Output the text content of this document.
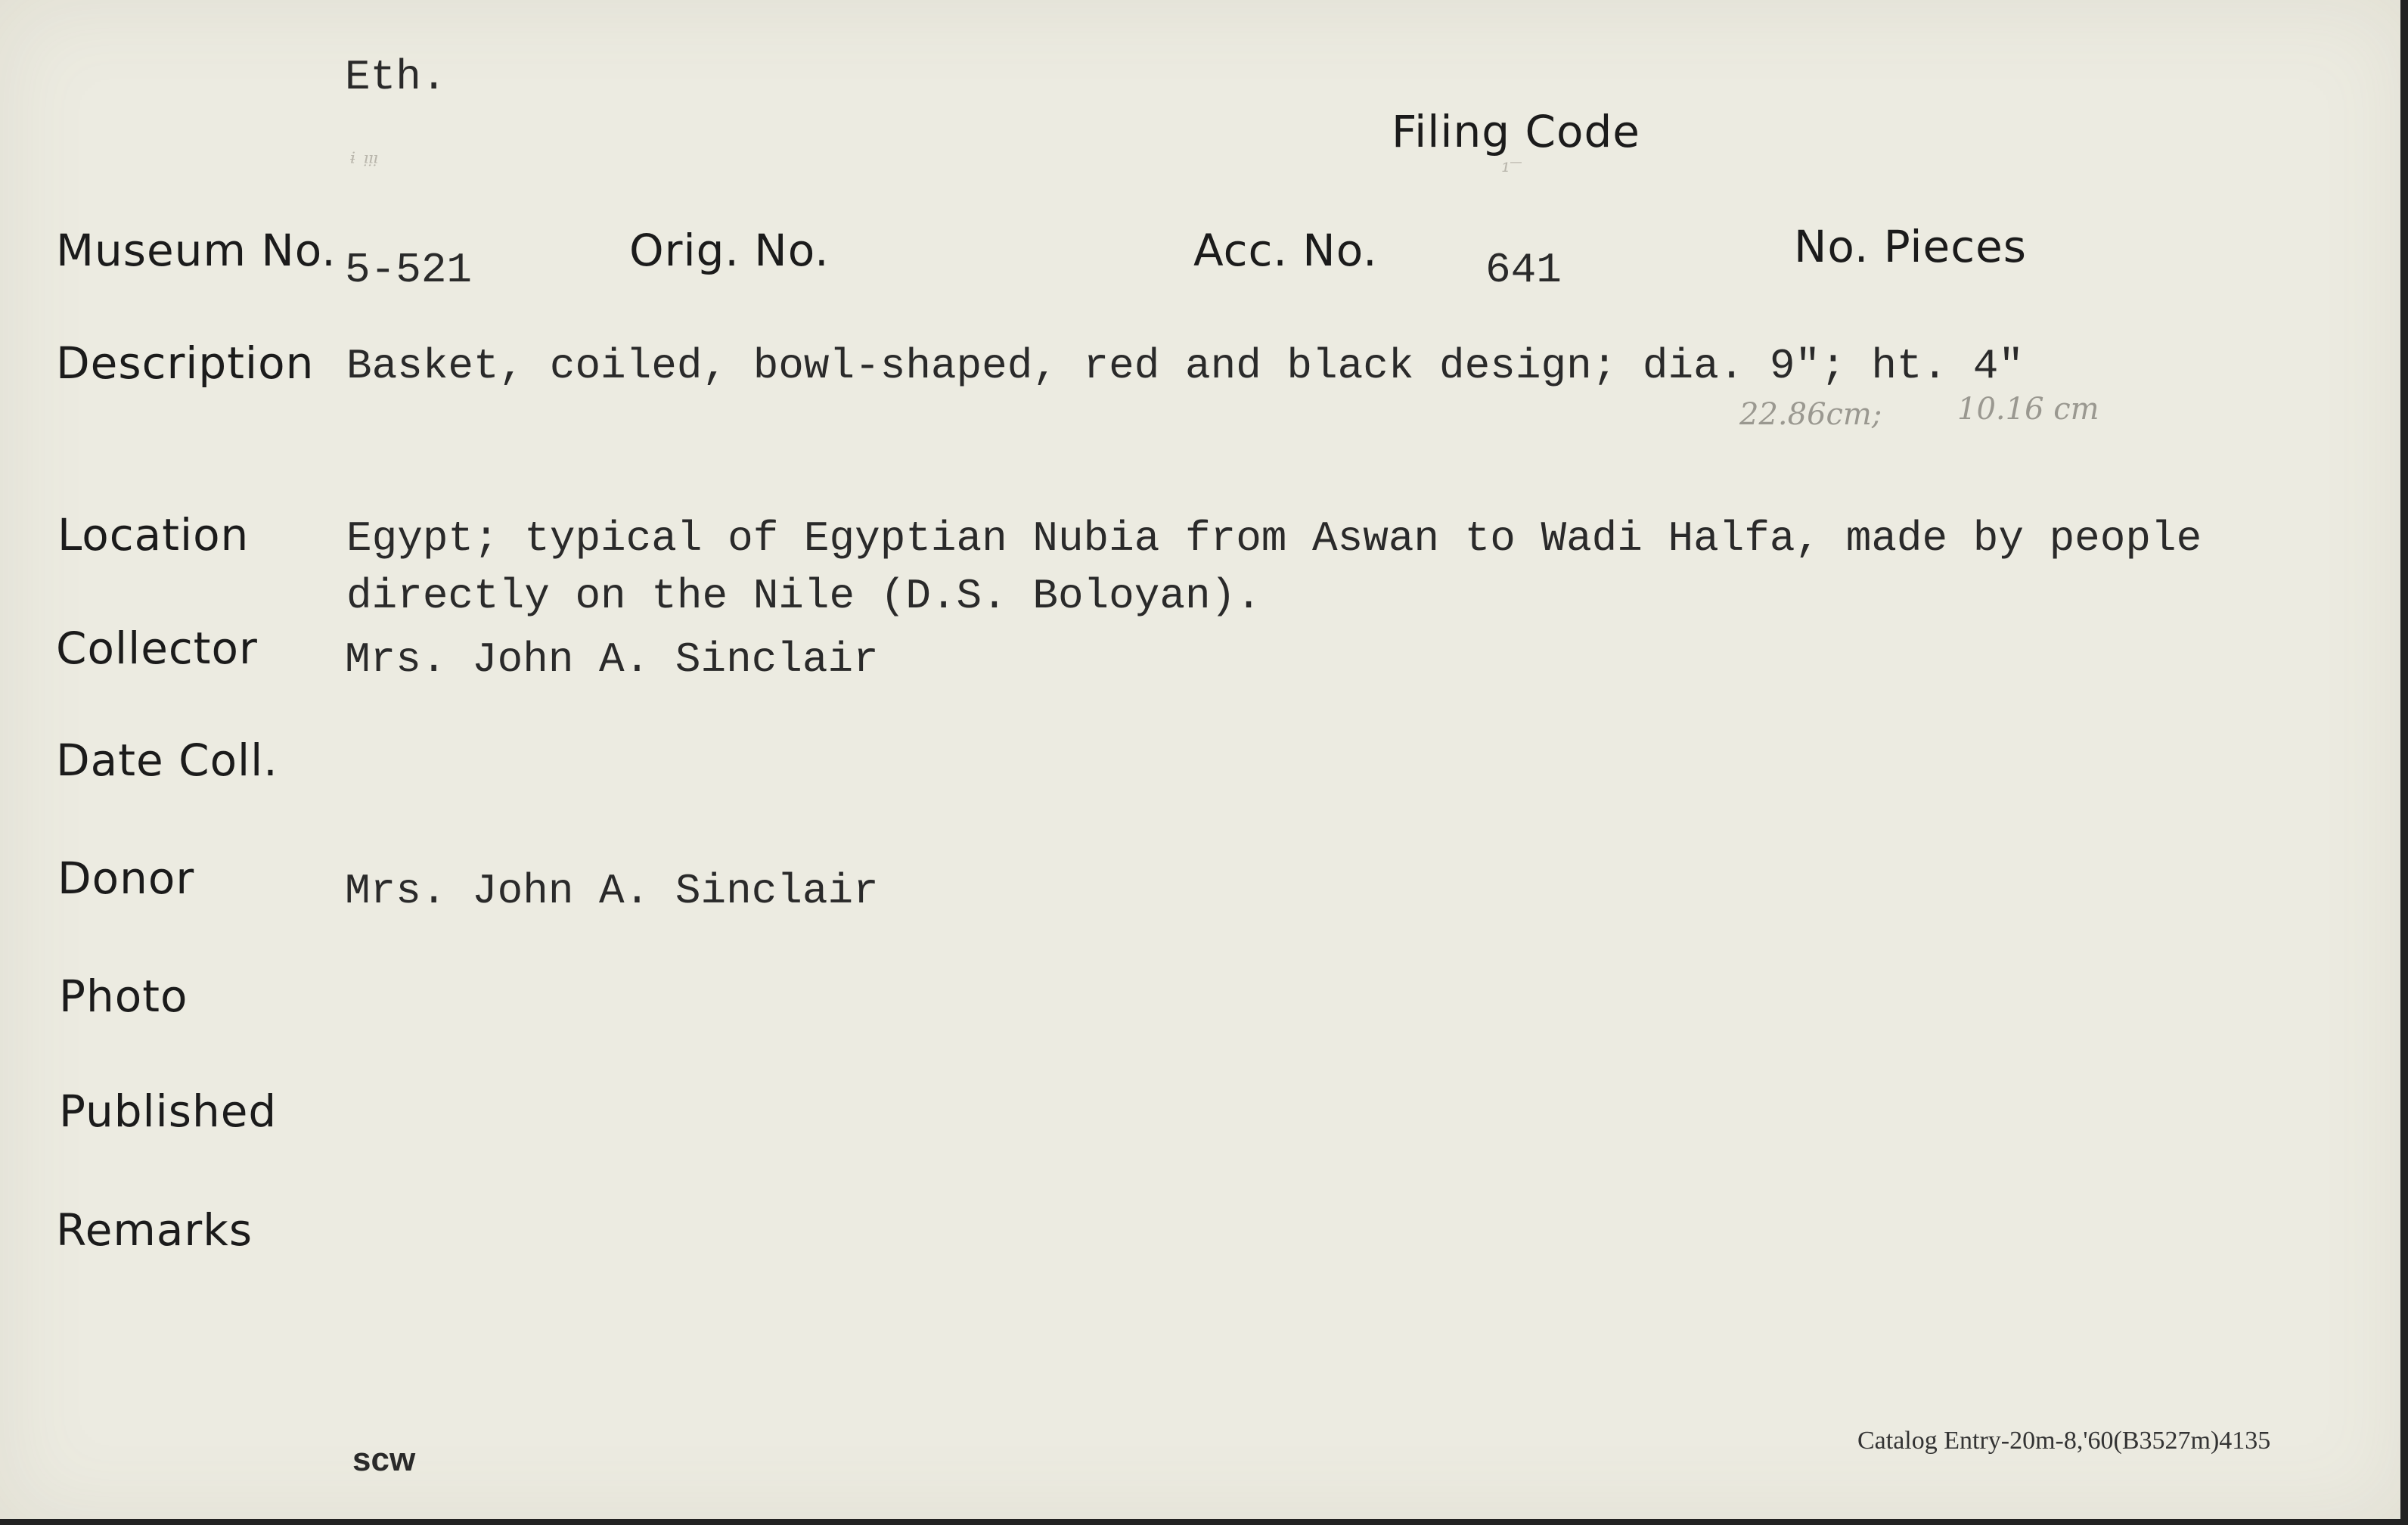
Eth.
ᶤ ᵎᵎᵎ
Filing Code
¹‾
Museum No. 5-521	Orig. No.	Acc. No.	641	No. Pieces
Description Basket, coiled, bowl-shaped, red and black design; dia. 9"; ht. 4"
22.86cm; 10.16 cm
Location Egypt; typical of Egyptian Nubia from Aswan to Wadi Halfa, made by people
directly on the Nile (D.S. Boloyan).
Collector Mrs. John A. Sinclair
Date Coll.
Donor	Mrs. John A. Sinclair
Photo
Published
Remarks
scw
Catalog Entry-20m-8,'60(B3527m)4135
